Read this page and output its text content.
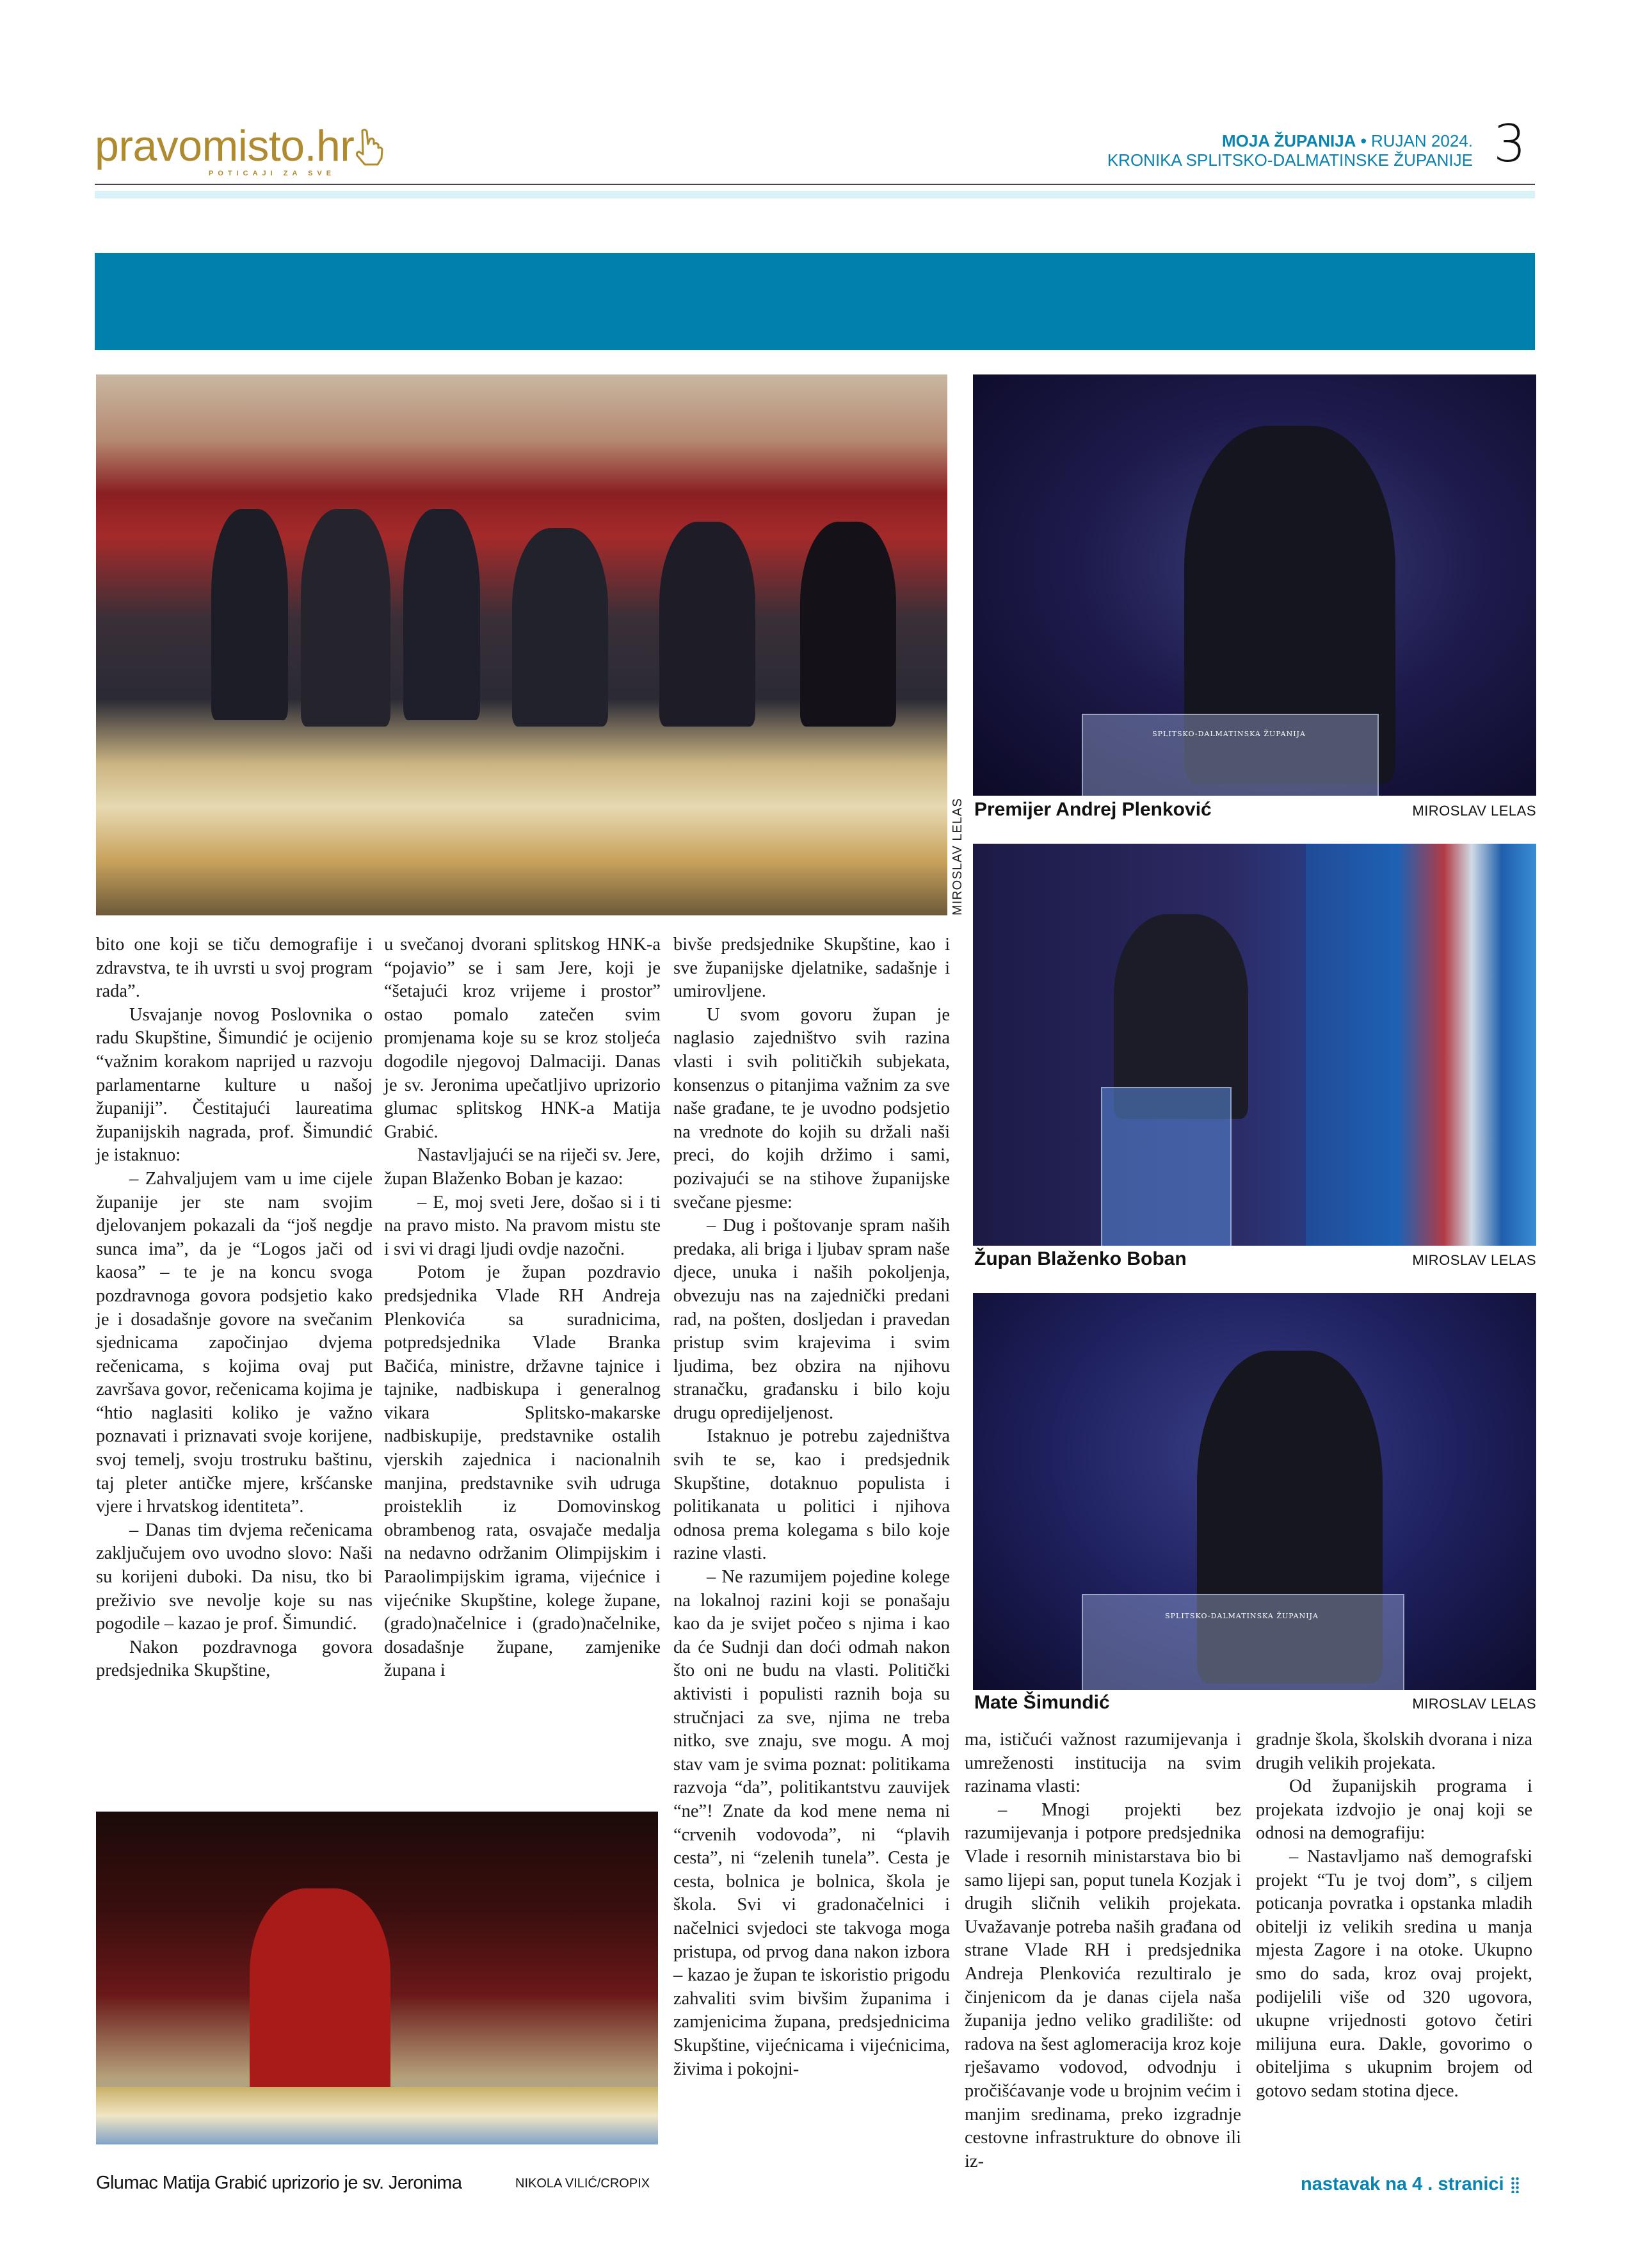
pravomisto.hr
POTICAJI ZA SVE
MOJA ŽUPANIJA • RUJAN 2024.
KRONIKA SPLITSKO-DALMATINSKE ŽUPANIJE 3
MIROSLAV LELAS
SPLITSKO-DALMATINSKA ŽUPANIJA
Premijer Andrej Plenković	MIROSLAV LELAS
Župan Blaženko Boban	MIROSLAV LELAS
SPLITSKO-DALMATINSKA ŽUPANIJA
Mate Šimundić	MIROSLAV LELAS
Glumac Matija Grabić uprizorio je sv. Jeronima	NIKOLA VILIĆ/CROPIX

bito one koji se tiču demografije i zdravstva, te ih uvrsti u svoj program rada”.

Usvajanje novog Poslovnika o radu Skupštine, Šimundić je ocijenio “važnim korakom naprijed u razvoju parlamentarne kulture u našoj županiji”. Čestitajući laureatima županijskih nagrada, prof. Šimundić je istaknuo:

– Zahvaljujem vam u ime cijele županije jer ste nam svojim djelovanjem pokazali da “još negdje sunca ima”, da je “Logos jači od kaosa” – te je na koncu svoga pozdravnoga govora podsjetio kako je i dosadašnje govore na svečanim sjednicama započinjao dvjema rečenicama, s kojima ovaj put završava govor, rečenicama kojima je “htio naglasiti koliko je važno poznavati i priznavati svoje korijene, svoj temelj, svoju trostruku baštinu, taj pleter antičke mjere, kršćanske vjere i hrvatskog identiteta”.

– Danas tim dvjema rečenicama zaključujem ovo uvodno slovo: Naši su korijeni duboki. Da nisu, tko bi preživio sve nevolje koje su nas pogodile – kazao je prof. Šimundić.

Nakon pozdravnoga govora predsjednika Skupštine,

u svečanoj dvorani splitskog HNK-a “pojavio” se i sam Jere, koji je “šetajući kroz vrijeme i prostor” ostao pomalo zatečen svim promjenama koje su se kroz stoljeća dogodile njegovoj Dalmaciji. Danas je sv. Jeronima upečatljivo uprizorio glumac splitskog HNK-a Matija Grabić.

Nastavljajući se na riječi sv. Jere, župan Blaženko Boban je kazao:

– E, moj sveti Jere, došao si i ti na pravo misto. Na pravom mistu ste i svi vi dragi ljudi ovdje nazočni.

Potom je župan pozdravio predsjednika Vlade RH Andreja Plenkovića sa suradnicima, potpredsjednika Vlade Branka Bačića, ministre, državne tajnice i tajnike, nadbiskupa i generalnog vikara Splitsko-makarske nadbiskupije, predstavnike ostalih vjerskih zajednica i nacionalnih manjina, predstavnike svih udruga proisteklih iz Domovinskog obrambenog rata, osvajače medalja na nedavno održanim Olimpijskim i Paraolimpijskim igrama, vijećnice i vijećnike Skupštine, kolege župane, (grado)načelnice i (grado)načelnike, dosadašnje župane, zamjenike župana i

bivše predsjednike Skupštine, kao i sve županijske djelatnike, sadašnje i umirovljene.

U svom govoru župan je naglasio zajedništvo svih razina vlasti i svih političkih subjekata, konsenzus o pitanjima važnim za sve naše građane, te je uvodno podsjetio na vrednote do kojih su držali naši preci, do kojih držimo i sami, pozivajući se na stihove županijske svečane pjesme:

– Dug i poštovanje spram naših predaka, ali briga i ljubav spram naše djece, unuka i naših pokoljenja, obvezuju nas na zajednički predani rad, na pošten, dosljedan i pravedan pristup svim krajevima i svim ljudima, bez obzira na njihovu stranačku, građansku i bilo koju drugu opredijeljenost.

Istaknuo je potrebu zajedništva svih te se, kao i predsjednik Skupštine, dotaknuo populista i politikanata u politici i njihova odnosa prema kolegama s bilo koje razine vlasti.

– Ne razumijem pojedine kolege na lokalnoj razini koji se ponašaju kao da je svijet počeo s njima i kao da će Sudnji dan doći odmah nakon što oni ne budu na vlasti. Politički aktivisti i populisti raznih boja su stručnjaci za sve, njima ne treba nitko, sve znaju, sve mogu. A moj stav vam je svima poznat: politikama razvoja “da”, politikantstvu zauvijek “ne”! Znate da kod mene nema ni “crvenih vodovoda”, ni “plavih cesta”, ni “zelenih tunela”. Cesta je cesta, bolnica je bolnica, škola je škola. Svi vi gradonačelnici i načelnici svjedoci ste takvoga moga pristupa, od prvog dana nakon izbora – kazao je župan te iskoristio prigodu zahvaliti svim bivšim županima i zamjenicima župana, predsjednicima Skupštine, vijećnicama i vijećnicima, živima i pokojni-

ma, ističući važnost razumijevanja i umreženosti institucija na svim razinama vlasti:

– Mnogi projekti bez razumijevanja i potpore predsjednika Vlade i resornih ministarstava bio bi samo lijepi san, poput tunela Kozjak i drugih sličnih velikih projekata. Uvažavanje potreba naših građana od strane Vlade RH i predsjednika Andreja Plenkovića rezultiralo je činjenicom da je danas cijela naša županija jedno veliko gradilište: od radova na šest aglomeracija kroz koje rješavamo vodovod, odvodnju i pročišćavanje vode u brojnim većim i manjim sredinama, preko izgradnje cestovne infrastrukture do obnove ili iz-

gradnje škola, školskih dvorana i niza drugih velikih projekata.

Od županijskih programa i projekata izdvojio je onaj koji se odnosi na demografiju:

– Nastavljamo naš demografski projekt “Tu je tvoj dom”, s ciljem poticanja povratka i opstanka mladih obitelji iz velikih sredina u manja mjesta Zagore i na otoke. Ukupno smo do sada, kroz ovaj projekt, podijelili više od 320 ugovora, ukupne vrijednosti gotovo četiri milijuna eura. Dakle, govorimo o obiteljima s ukupnim brojem od gotovo sedam stotina djece.

nastavak na 4 . stranici
